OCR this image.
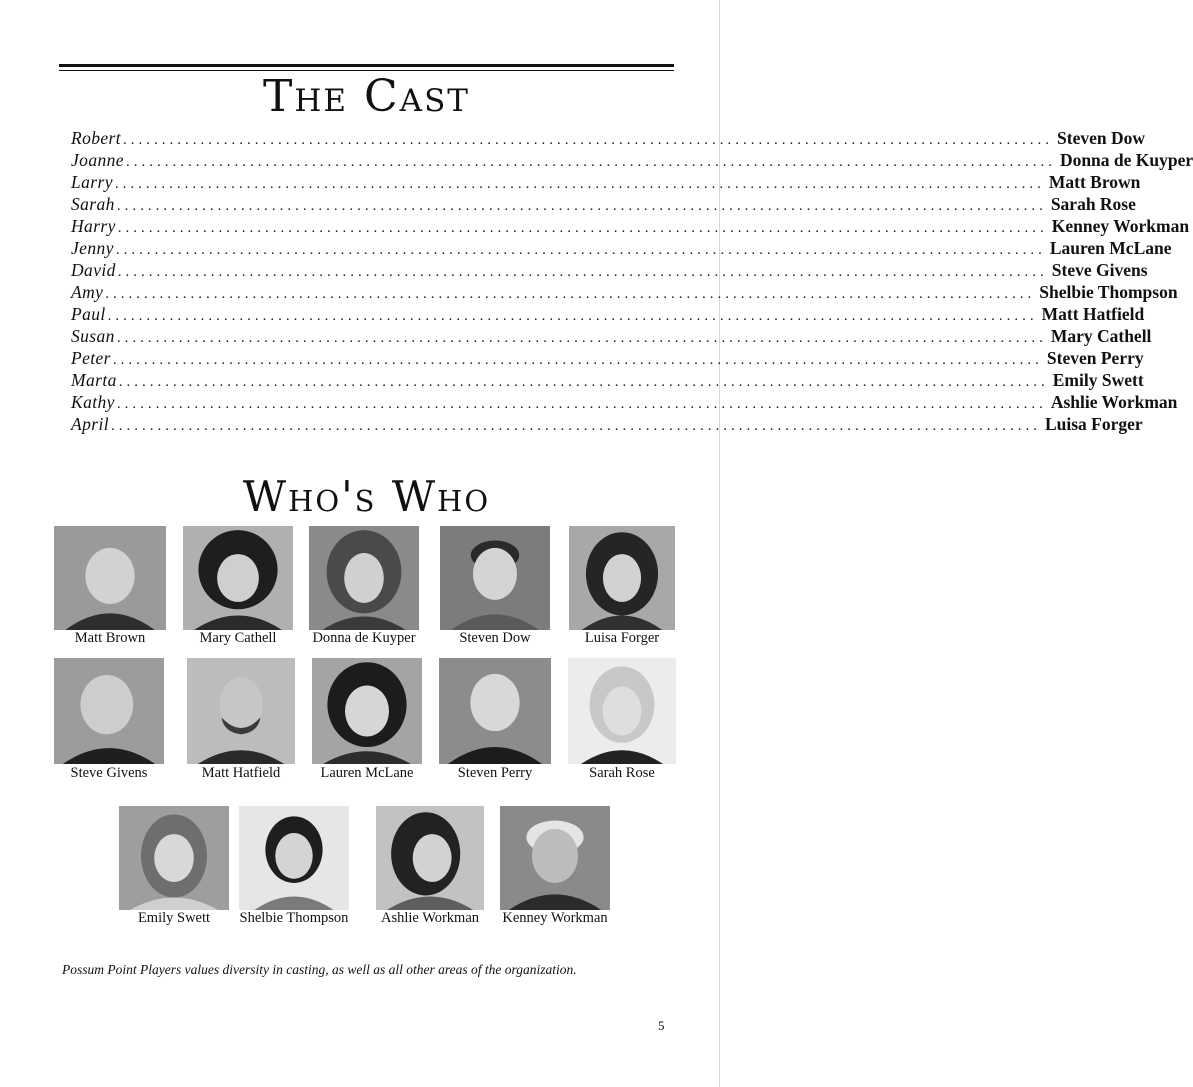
The Cast
Robert ........................................................................................................................ Steven Dow
Joanne ........................................................................................................................ Donna de Kuyper
Larry ........................................................................................................................ Matt Brown
Sarah ........................................................................................................................ Sarah Rose
Harry ........................................................................................................................ Kenney Workman
Jenny ........................................................................................................................ Lauren McLane
David ........................................................................................................................ Steve Givens
Amy ........................................................................................................................ Shelbie Thompson
Paul ........................................................................................................................ Matt Hatfield
Susan ........................................................................................................................ Mary Cathell
Peter ........................................................................................................................ Steven Perry
Marta ........................................................................................................................ Emily Swett
Kathy ........................................................................................................................ Ashlie Workman
April ........................................................................................................................ Luisa Forger
Who's Who
Matt Brown	Mary Cathell	Donna de Kuyper	Steven Dow	Luisa Forger
Steve Givens	Matt Hatfield	Lauren McLane	Steven Perry	Sarah Rose
Emily Swett	Shelbie Thompson	Ashlie Workman	Kenney Workman
Possum Point Players values diversity in casting, as well as all other areas of the organization.
5
